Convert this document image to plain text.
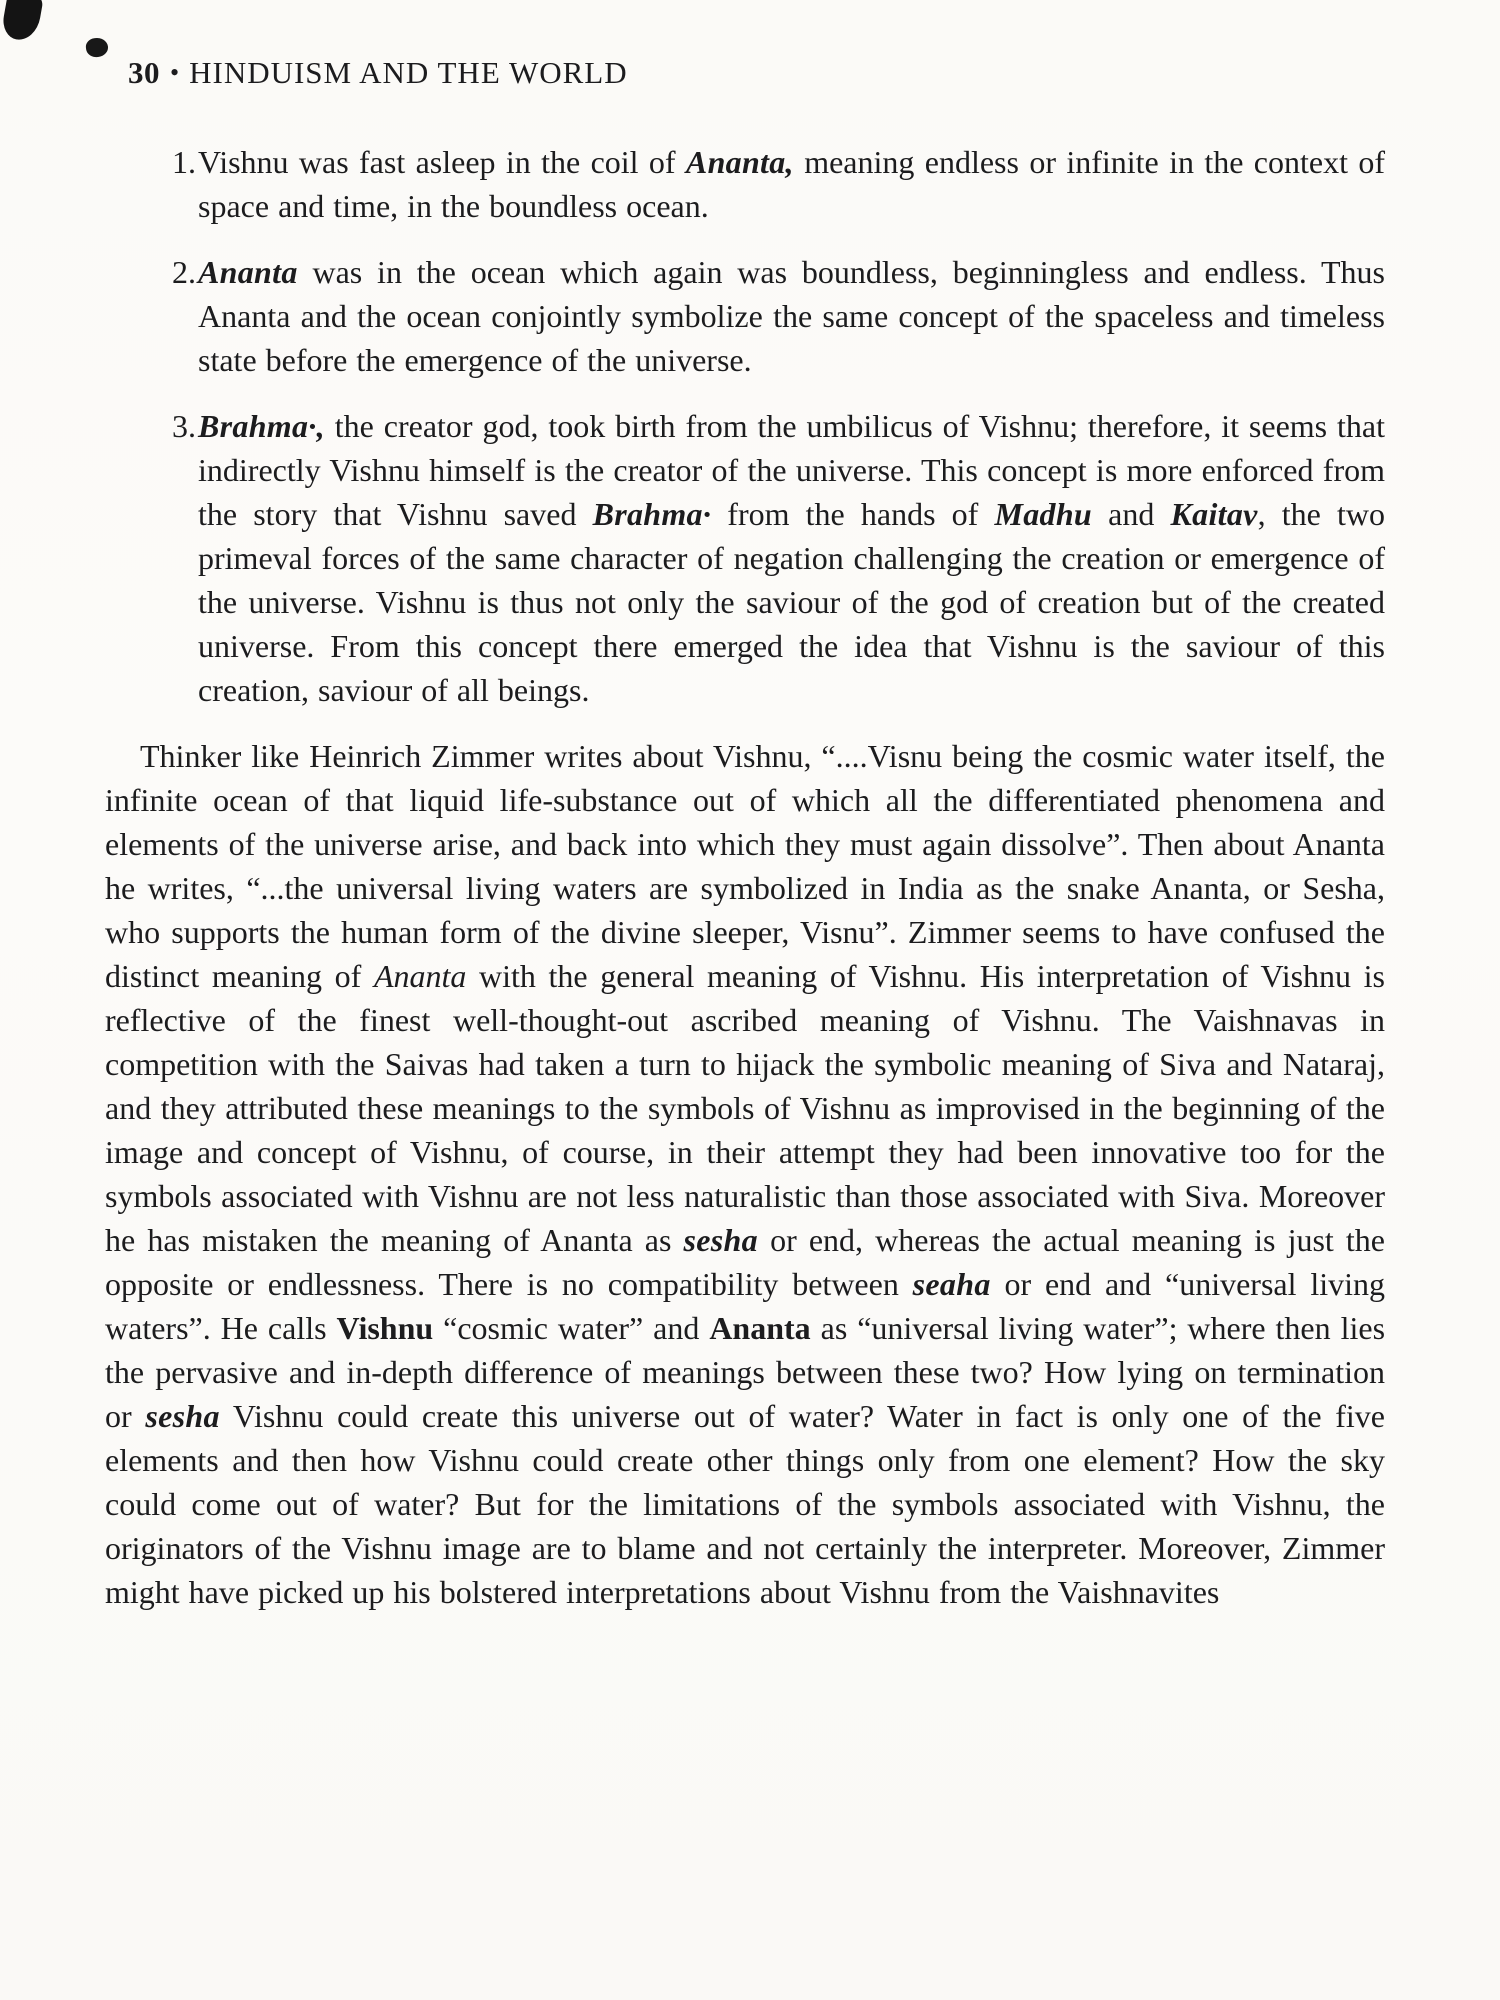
30 • HINDUISM AND THE WORLD
1. Vishnu was fast asleep in the coil of Ananta, meaning endless or infinite in the context of space and time, in the boundless ocean.
2. Ananta was in the ocean which again was boundless, beginningless and endless. Thus Ananta and the ocean conjointly symbolize the same concept of the spaceless and timeless state before the emergence of the universe.
3. Brahma·, the creator god, took birth from the umbilicus of Vishnu; therefore, it seems that indirectly Vishnu himself is the creator of the universe. This concept is more enforced from the story that Vishnu saved Brahma· from the hands of Madhu and Kaitav, the two primeval forces of the same character of negation challenging the creation or emergence of the universe. Vishnu is thus not only the saviour of the god of creation but of the created universe. From this concept there emerged the idea that Vishnu is the saviour of this creation, saviour of all beings.
Thinker like Heinrich Zimmer writes about Vishnu, “....Visnu being the cosmic water itself, the infinite ocean of that liquid life-substance out of which all the differentiated phenomena and elements of the universe arise, and back into which they must again dissolve”. Then about Ananta he writes, “...the universal living waters are symbolized in India as the snake Ananta, or Sesha, who supports the human form of the divine sleeper, Visnu”. Zimmer seems to have confused the distinct meaning of Ananta with the general meaning of Vishnu. His interpretation of Vishnu is reflective of the finest well-thought-out ascribed meaning of Vishnu. The Vaishnavas in competition with the Saivas had taken a turn to hijack the symbolic meaning of Siva and Nataraj, and they attributed these meanings to the symbols of Vishnu as improvised in the beginning of the image and concept of Vishnu, of course, in their attempt they had been innovative too for the symbols associated with Vishnu are not less naturalistic than those associated with Siva. Moreover he has mistaken the meaning of Ananta as sesha or end, whereas the actual meaning is just the opposite or endlessness. There is no compatibility between seaha or end and “universal living waters”. He calls Vishnu “cosmic water” and Ananta as “universal living water”; where then lies the pervasive and in-depth difference of meanings between these two? How lying on termination or sesha Vishnu could create this universe out of water? Water in fact is only one of the five elements and then how Vishnu could create other things only from one element? How the sky could come out of water? But for the limitations of the symbols associated with Vishnu, the originators of the Vishnu image are to blame and not certainly the interpreter. Moreover, Zimmer might have picked up his bolstered interpretations about Vishnu from the Vaishnavites
